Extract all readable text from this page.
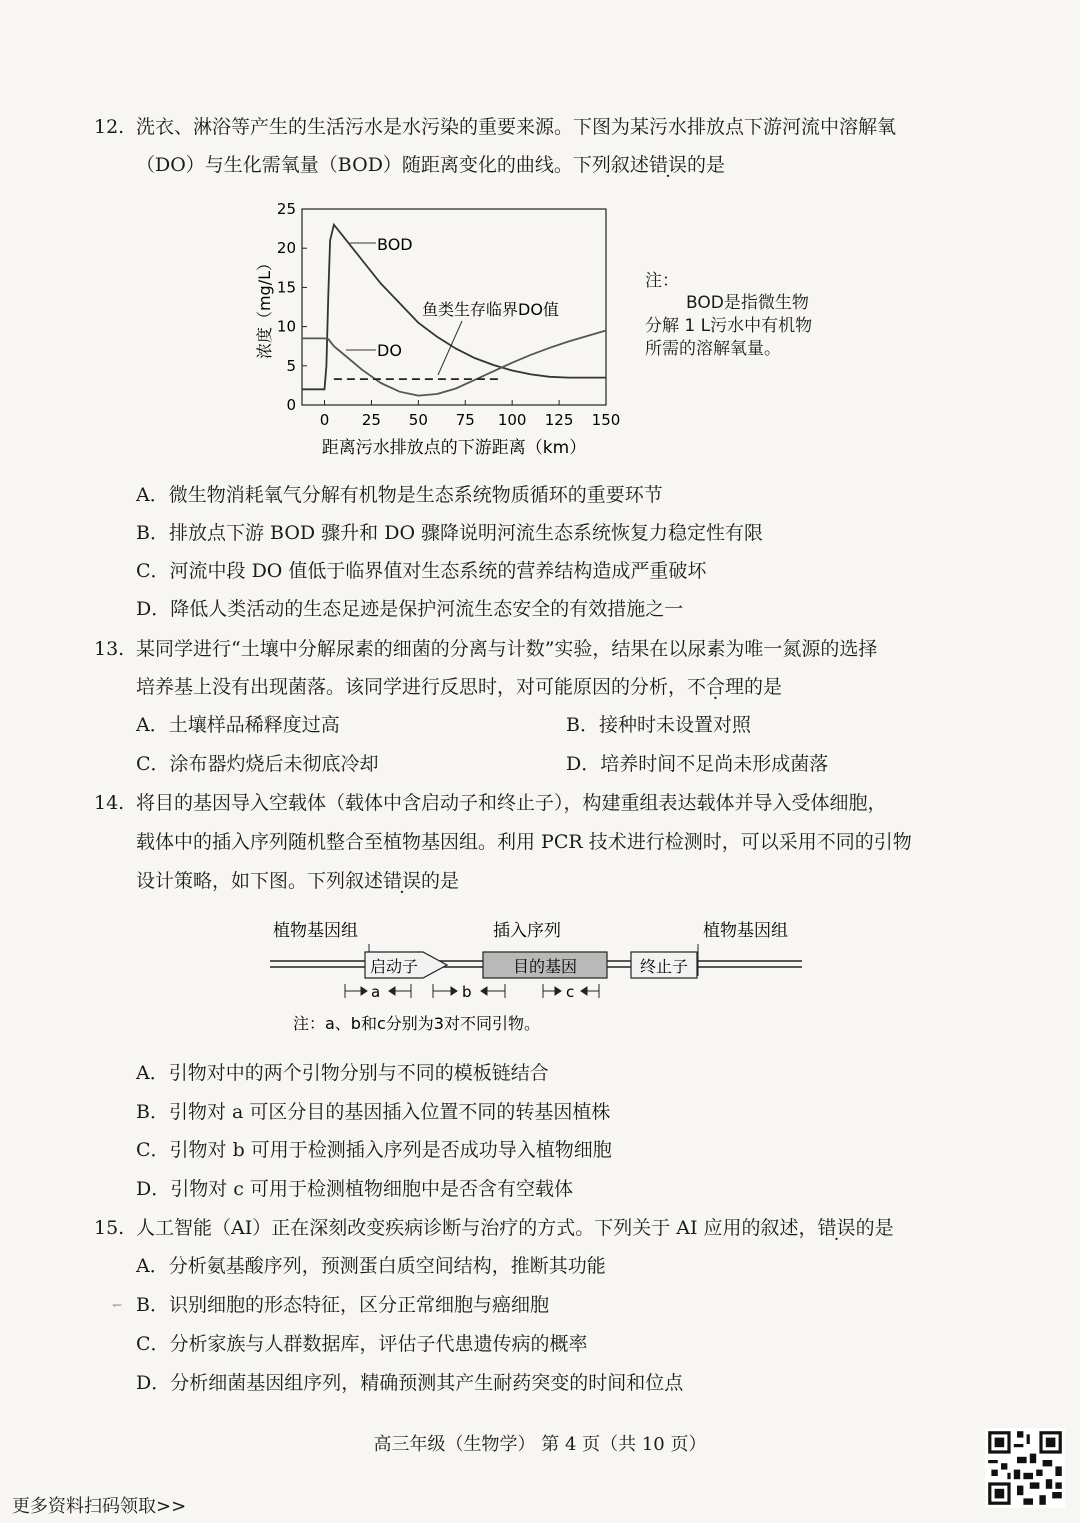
12. 洗衣、淋浴等产生的生活污水是水污染的重要来源。下图为某污水排放点下游河流中溶解氧
（DO）与生化需氧量（BOD）随距离变化的曲线。下列叙述错误的是
0
5
10
15
20
25
0 25 50 75 100 125 150
BOD
DO
鱼类生存临界DO值
浓度（mg/L）
距离污水排放点的下游距离（km）
注：
BOD是指微生物
分解 1 L污水中有机物
所需的溶解氧量。
A．微生物消耗氧气分解有机物是生态系统物质循环的重要环节
B．排放点下游 BOD 骤升和 DO 骤降说明河流生态系统恢复力稳定性有限
C．河流中段 DO 值低于临界值对生态系统的营养结构造成严重破坏
D．降低人类活动的生态足迹是保护河流生态安全的有效措施之一
13. 某同学进行“土壤中分解尿素的细菌的分离与计数”实验，结果在以尿素为唯一氮源的选择
培养基上没有出现菌落。该同学进行反思时，对可能原因的分析，不合理的是
A．土壤样品稀释度过高	B．接种时未设置对照
C．涂布器灼烧后未彻底冷却	D．培养时间不足尚未形成菌落
14. 将目的基因导入空载体（载体中含启动子和终止子），构建重组表达载体并导入受体细胞，
载体中的插入序列随机整合至植物基因组。利用 PCR 技术进行检测时，可以采用不同的引物
设计策略，如下图。下列叙述错误的是
植物基因组	插入序列	植物基因组
启动子	目的基因	终止子
a	b	c
注：a、b和c分别为3对不同引物。
A．引物对中的两个引物分别与不同的模板链结合
B．引物对 a 可区分目的基因插入位置不同的转基因植株
C．引物对 b 可用于检测插入序列是否成功导入植物细胞
D．引物对 c 可用于检测植物细胞中是否含有空载体
15. 人工智能（AI）正在深刻改变疾病诊断与治疗的方式。下列关于 AI 应用的叙述，错误的是
A．分析氨基酸序列，预测蛋白质空间结构，推断其功能
↽ B．识别细胞的形态特征，区分正常细胞与癌细胞
C．分析家族与人群数据库，评估子代患遗传病的概率
D．分析细菌基因组序列，精确预测其产生耐药突变的时间和位点
高三年级（生物学） 第 4 页（共 10 页）
更多资料扫码领取>>
